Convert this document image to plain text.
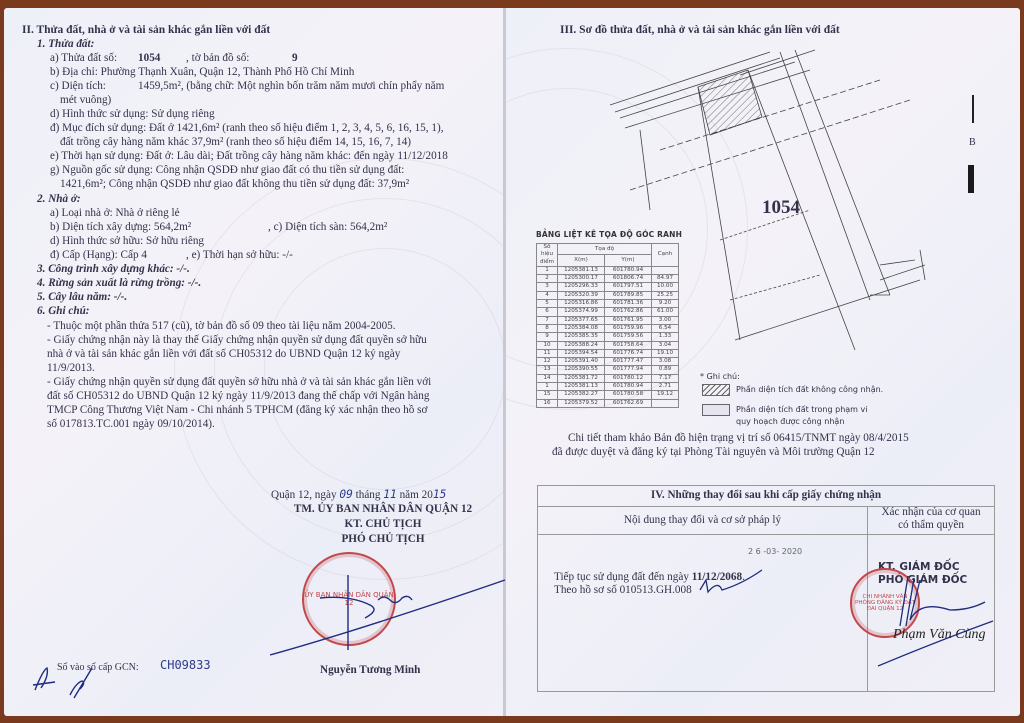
II. Thửa đất, nhà ở và tài sản khác gắn liền với đất
1. Thửa đất:
a) Thửa đất số: 1054 , tờ bản đồ số:	9
b) Địa chỉ: Phường Thạnh Xuân, Quận 12, Thành Phố Hồ Chí Minh
c) Diện tích:	1459,5m², (bằng chữ: Một nghìn bốn trăm năm mươi chín phẩy năm
mét vuông)
d) Hình thức sử dụng: Sử dụng riêng
đ) Mục đích sử dụng: Đất ở 1421,6m² (ranh theo số hiệu điểm 1, 2, 3, 4, 5, 6, 16, 15, 1),
đất trồng cây hàng năm khác 37,9m² (ranh theo số hiệu điểm 14, 15, 16, 7, 14)
e) Thời hạn sử dụng: Đất ở: Lâu dài; Đất trồng cây hàng năm khác: đến ngày 11/12/2018
g) Nguồn gốc sử dụng: Công nhận QSDĐ như giao đất có thu tiền sử dụng đất:
1421,6m²; Công nhận QSDĐ như giao đất không thu tiền sử dụng đất: 37,9m²
2. Nhà ở:
a) Loại nhà ở: Nhà ở riêng lẻ
b) Diện tích xây dựng: 564,2m²	, c) Diện tích sàn: 564,2m²
d) Hình thức sở hữu: Sở hữu riêng
đ) Cấp (Hạng): Cấp 4	, e) Thời hạn sở hữu: -/-
3. Công trình xây dựng khác: -/-.
4. Rừng sản xuất là rừng trồng: -/-.
5. Cây lâu năm: -/-.
6. Ghi chú:
- Thuộc một phần thửa 517 (cũ), tờ bản đồ số 09 theo tài liệu năm 2004-2005.
- Giấy chứng nhận này là thay thế Giấy chứng nhận quyền sử dụng đất quyền sở hữu
nhà ở và tài sản khác gắn liền với đất số CH05312 do UBND Quận 12 ký ngày
11/9/2013.
- Giấy chứng nhận quyền sử dụng đất quyền sở hữu nhà ở và tài sản khác gắn liền với
đất số CH05312 do UBND Quận 12 ký ngày 11/9/2013 đang thế chấp với Ngân hàng
TMCP Công Thương Việt Nam - Chi nhánh 5 TPHCM (đăng ký xác nhận theo hồ sơ
số 017813.TC.001 ngày 09/10/2014).
Quận 12, ngày 09 tháng 11 năm 2015
TM. ỦY BAN NHÂN DÂN QUẬN 12
KT. CHỦ TỊCH
PHÓ CHỦ TỊCH
ỦY BAN NHÂN DÂN QUẬN 12
Nguyễn Tương Minh
Số vào sổ cấp GCN: CH09833
III. Sơ đồ thửa đất, nhà ở và tài sản khác gắn liền với đất
1054
B
BẢNG LIỆT KÊ TỌA ĐỘ GÓC RANH
Số hiệu điểm	Tọa độ		Cạnh
	X(m)	Y(m)	
1	1205381.13	601780.94	
2	1205300.17	601806.74	84.97
3	1205296.33	601797.51	10.00
4	1205320.39	601789.85	25.25
5	1205316.86	601781.36	9.20
6	1205374.99	601762.86	61.00
7	1205377.65	601761.95	3.00
8	1205384.08	601759.96	6.54
9	1205385.35	601759.56	1.33
10	1205388.24	601758.64	3.04
11	1205394.54	601776.74	19.10
12	1205391.40	601777.47	3.08
13	1205390.55	601777.94	0.89
14	1205381.72	601780.12	7.17
1	1205381.13	601780.94	2.71
15	1205382.27	601780.58	19.12
16	1205379.52	601762.69	
* Ghi chú:
Phần diện tích đất không công nhận.
Phần diện tích đất trong phạm vi
quy hoạch được công nhận
Chi tiết tham khảo Bản đồ hiện trạng vị trí số 06415/TNMT ngày 08/4/2015
đã được duyệt và đăng ký tại Phòng Tài nguyên và Môi trường Quận 12
IV. Những thay đổi sau khi cấp giấy chứng nhận
Nội dung thay đổi và cơ sở pháp lý
Xác nhận của cơ quan
có thẩm quyền
2 6 -03- 2020
Tiếp tục sử dụng đất đến ngày 11/12/2068.
Theo hồ sơ số 010513.GH.008
KT. GIÁM ĐỐC
PHÓ GIÁM ĐỐC
CHI NHÁNH VĂN PHÒNG ĐĂNG KÝ ĐẤT ĐAI QUẬN 12
Phạm Văn Cùng
